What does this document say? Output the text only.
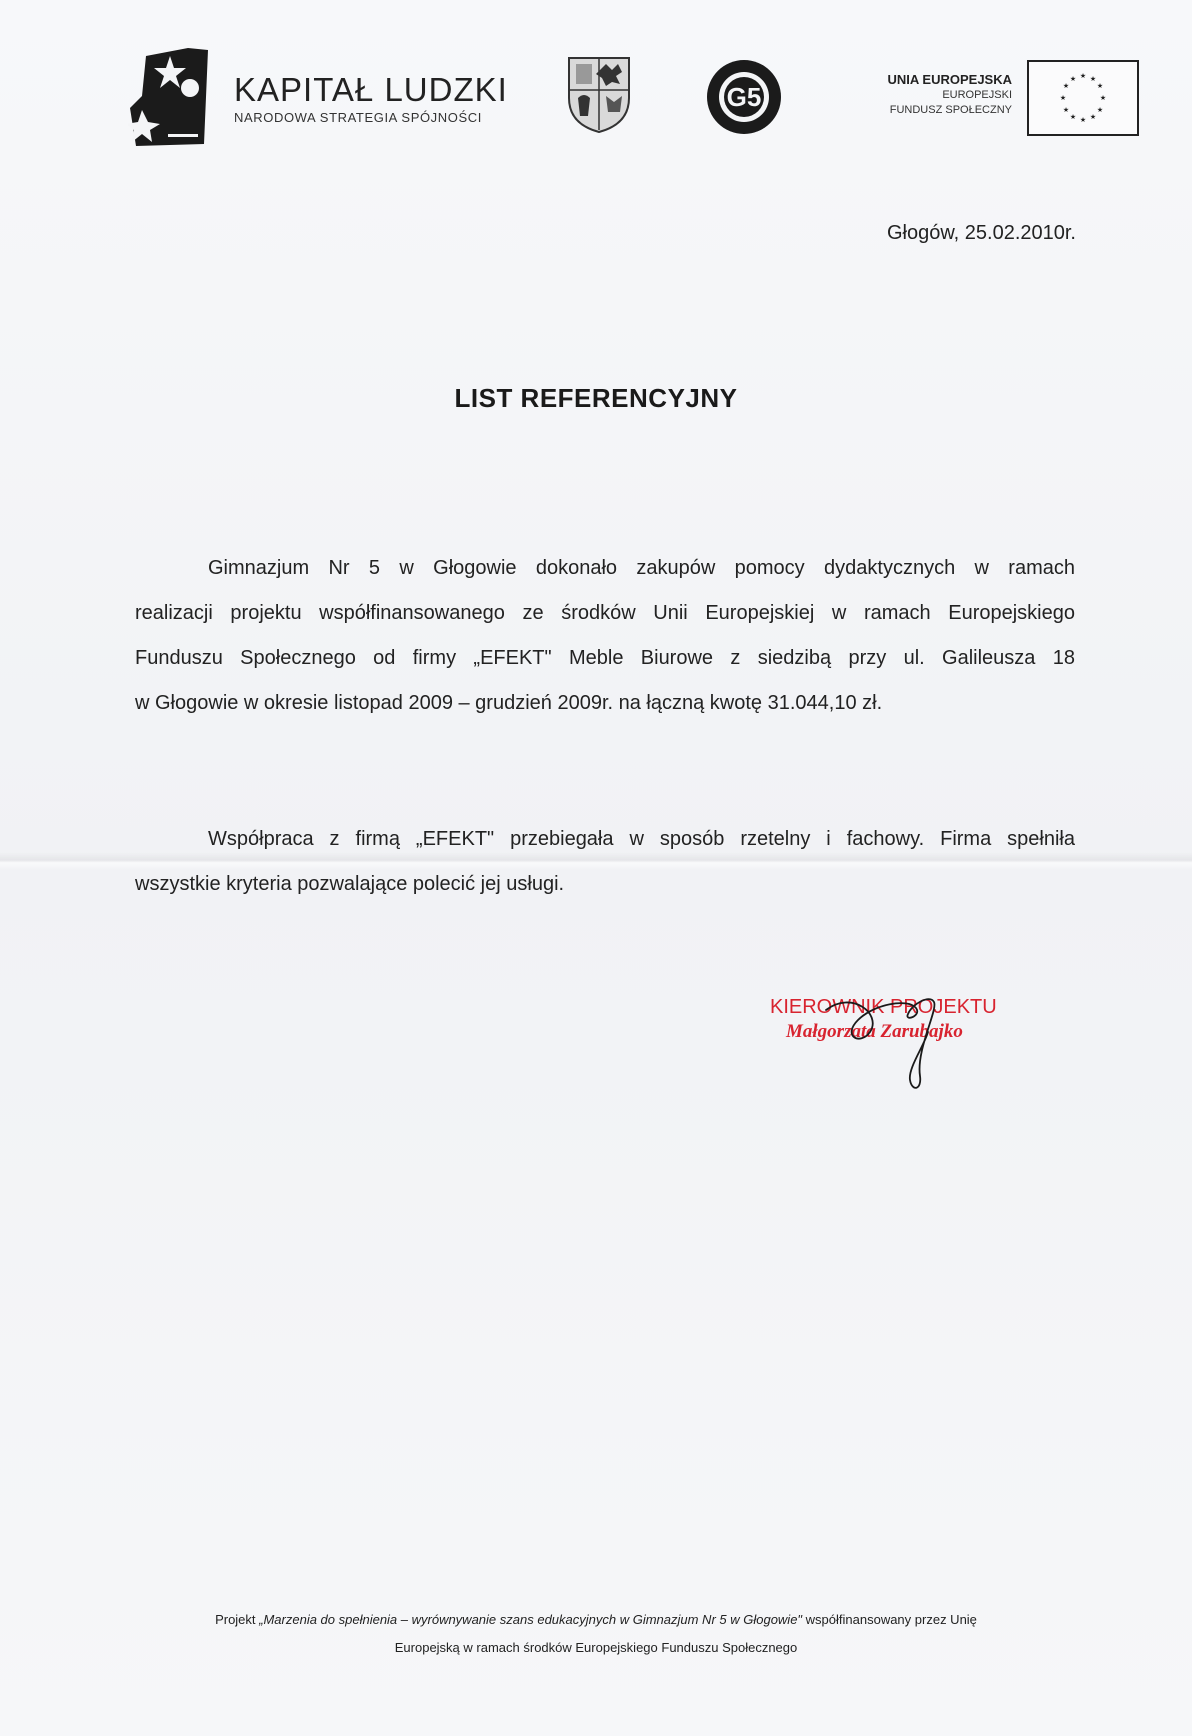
KAPITAŁ LUDZKI
NARODOWA STRATEGIA SPÓJNOŚCI
G5
UNIA EUROPEJSKA
EUROPEJSKI
FUNDUSZ SPOŁECZNY
★ ★
★
★
★
★
★
★
★
★
★
★
Głogów, 25.02.2010r.
LIST REFERENCYJNY
Gimnazjum Nr 5 w Głogowie dokonało zakupów pomocy dydaktycznych w ramach
realizacji projektu współfinansowanego ze środków Unii Europejskiej w ramach Europejskiego
Funduszu Społecznego od firmy „EFEKT" Meble Biurowe z siedzibą przy ul. Galileusza 18
w Głogowie w okresie listopad 2009 – grudzień 2009r. na łączną kwotę 31.044,10 zł.
Współpraca z firmą „EFEKT" przebiegała w sposób rzetelny i fachowy. Firma spełniła
wszystkie kryteria pozwalające polecić jej usługi.
KIEROWNIK PROJEKTU
Małgorzata Zarubajko
Projekt „Marzenia do spełnienia – wyrównywanie szans edukacyjnych w Gimnazjum Nr 5 w Głogowie" współfinansowany przez Unię
Europejską w ramach środków Europejskiego Funduszu Społecznego
